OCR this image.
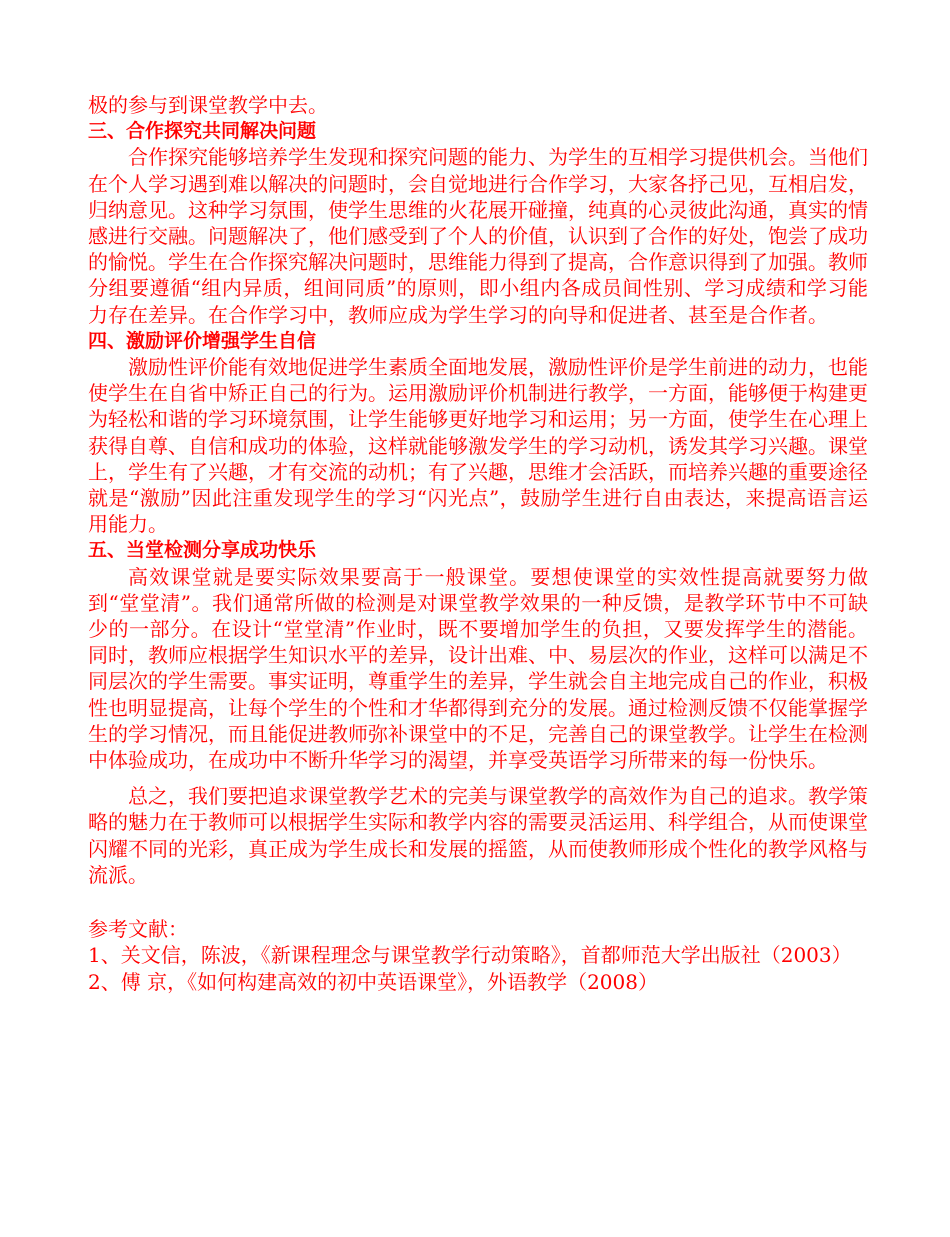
极的参与到课堂教学中去。

三、合作探究共同解决问题

合作探究能够培养学生发现和探究问题的能力、为学生的互相学习提供机会。当他们在个人学习遇到难以解决的问题时，会自觉地进行合作学习，大家各抒己见，互相启发，归纳意见。这种学习氛围，使学生思维的火花展开碰撞，纯真的心灵彼此沟通，真实的情感进行交融。问题解决了，他们感受到了个人的价值，认识到了合作的好处，饱尝了成功的愉悦。学生在合作探究解决问题时，思维能力得到了提高，合作意识得到了加强。教师分组要遵循“组内异质，组间同质”的原则，即小组内各成员间性别、学习成绩和学习能力存在差异。在合作学习中，教师应成为学生学习的向导和促进者、甚至是合作者。

四、激励评价增强学生自信

激励性评价能有效地促进学生素质全面地发展，激励性评价是学生前进的动力，也能使学生在自省中矫正自己的行为。运用激励评价机制进行教学，一方面，能够便于构建更为轻松和谐的学习环境氛围，让学生能够更好地学习和运用；另一方面，使学生在心理上获得自尊、自信和成功的体验，这样就能够激发学生的学习动机，诱发其学习兴趣。课堂上，学生有了兴趣，才有交流的动机；有了兴趣，思维才会活跃，而培养兴趣的重要途径就是“激励”因此注重发现学生的学习“闪光点”，鼓励学生进行自由表达，来提高语言运用能力。

五、当堂检测分享成功快乐

高效课堂就是要实际效果要高于一般课堂。要想使课堂的实效性提高就要努力做到“堂堂清”。我们通常所做的检测是对课堂教学效果的一种反馈，是教学环节中不可缺少的一部分。在设计“堂堂清”作业时，既不要增加学生的负担，又要发挥学生的潜能。同时，教师应根据学生知识水平的差异，设计出难、中、易层次的作业，这样可以满足不同层次的学生需要。事实证明，尊重学生的差异，学生就会自主地完成自己的作业，积极性也明显提高，让每个学生的个性和才华都得到充分的发展。通过检测反馈不仅能掌握学生的学习情况，而且能促进教师弥补课堂中的不足，完善自己的课堂教学。让学生在检测中体验成功，在成功中不断升华学习的渴望，并享受英语学习所带来的每一份快乐。

总之，我们要把追求课堂教学艺术的完美与课堂教学的高效作为自己的追求。教学策略的魅力在于教师可以根据学生实际和教学内容的需要灵活运用、科学组合，从而使课堂闪耀不同的光彩，真正成为学生成长和发展的摇篮，从而使教师形成个性化的教学风格与流派。

参考文献：

1、关文信，陈波，《新课程理念与课堂教学行动策略》，首都师范大学出版社（2003）

2、傅 京，《如何构建高效的初中英语课堂》，外语教学（2008）
